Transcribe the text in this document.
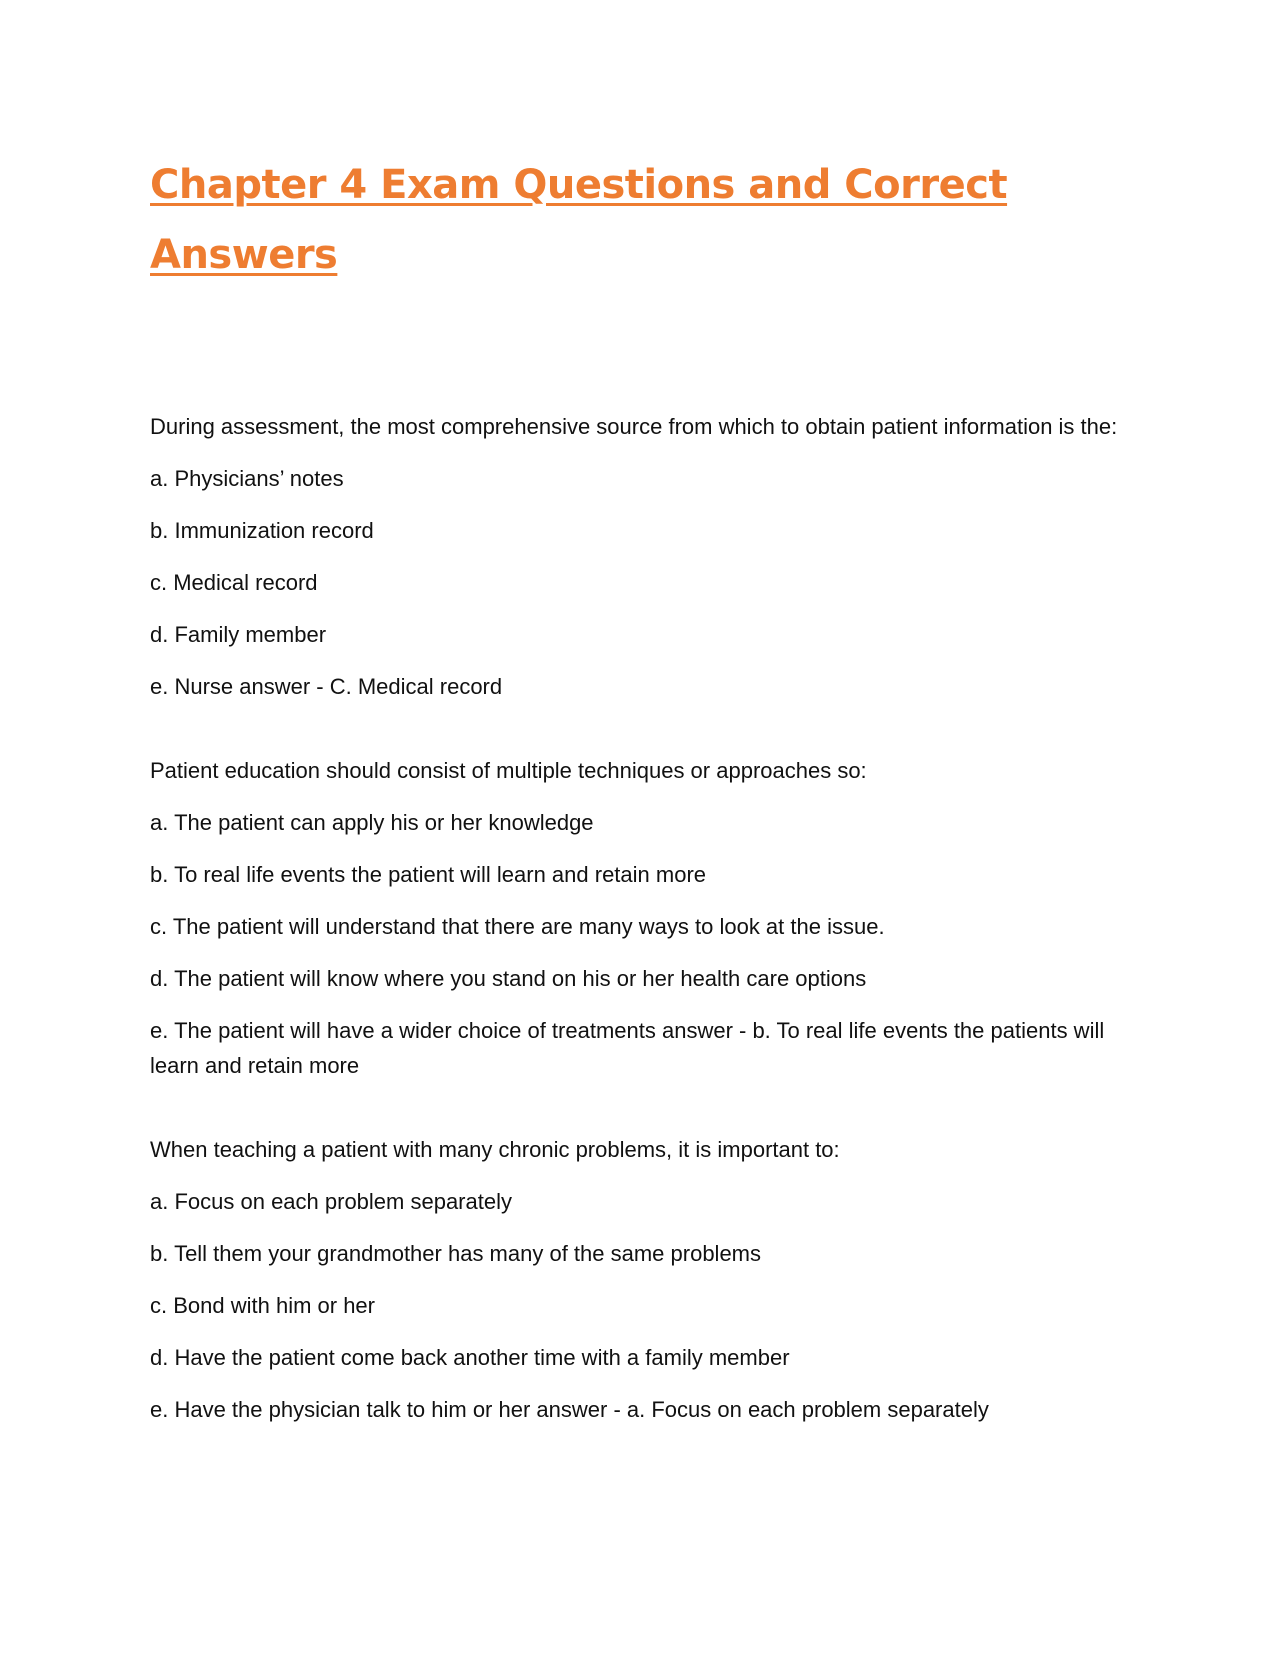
Chapter 4 Exam Questions and Correct Answers

During assessment, the most comprehensive source from which to obtain patient information is the:

a. Physicians’ notes

b. Immunization record

c. Medical record

d. Family member

e. Nurse answer - C. Medical record

Patient education should consist of multiple techniques or approaches so:

a. The patient can apply his or her knowledge

b. To real life events the patient will learn and retain more

c. The patient will understand that there are many ways to look at the issue.

d. The patient will know where you stand on his or her health care options

e. The patient will have a wider choice of treatments answer - b. To real life events the patients will learn and retain more

When teaching a patient with many chronic problems, it is important to:

a. Focus on each problem separately

b. Tell them your grandmother has many of the same problems

c. Bond with him or her

d. Have the patient come back another time with a family member

e. Have the physician talk to him or her answer - a. Focus on each problem separately
